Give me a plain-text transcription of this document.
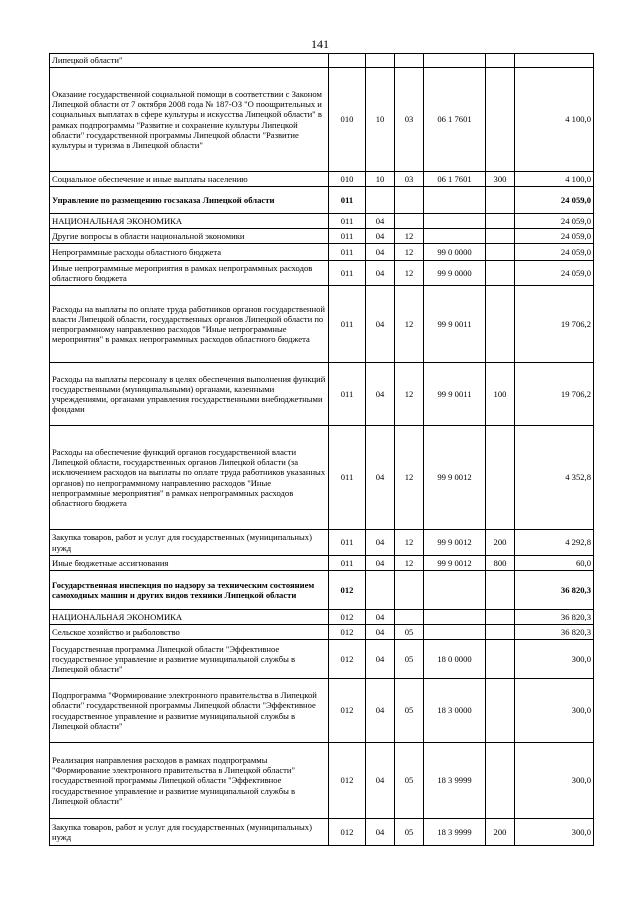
141
Липецкой области"						
Оказание государственной социальной помощи в соответствии с Законом Липецкой области от 7 октября 2008 года № 187-ОЗ "О поощрительных и социальных выплатах в сфере культуры и искусства Липецкой области" в рамках подпрограммы "Развитие и сохранение культуры Липецкой области" государственной программы Липецкой области "Развитие культуры и туризма в Липецкой области"	010	10	03	06 1 7601		4 100,0
Социальное обеспечение и иные выплаты населению	010	10	03	06 1 7601	300	4 100,0
Управление по размещению госзаказа Липецкой области	011					24 059,0
НАЦИОНАЛЬНАЯ ЭКОНОМИКА	011	04				24 059,0
Другие вопросы в области национальной экономики	011	04	12			24 059,0
Непрограммные расходы областного бюджета	011	04	12	99 0 0000		24 059,0
Иные непрограммные мероприятия в рамках непрограммных расходов областного бюджета	011	04	12	99 9 0000		24 059,0
Расходы на выплаты по оплате труда работников органов государственной власти Липецкой области, государственных органов Липецкой области по непрограммному направлению расходов "Иные непрограммные мероприятия" в рамках непрограммных расходов областного бюджета	011	04	12	99 9 0011		19 706,2
Расходы на выплаты персоналу в целях обеспечения выполнения функций государственными (муниципальными) органами, казенными учреждениями, органами управления государственными внебюджетными фондами	011	04	12	99 9 0011	100	19 706,2
Расходы на обеспечение функций органов государственной власти Липецкой области, государственных органов Липецкой области (за исключением расходов на выплаты по оплате труда работников указанных органов) по непрограммному направлению расходов "Иные непрограммные мероприятия" в рамках непрограммных расходов областного бюджета	011	04	12	99 9 0012		4 352,8
Закупка товаров, работ и услуг для государственных (муниципальных) нужд	011	04	12	99 9 0012	200	4 292,8
Иные бюджетные ассигнования	011	04	12	99 9 0012	800	60,0
Государственная инспекция по надзору за техническим состоянием самоходных машин и других видов техники Липецкой области	012					36 820,3
НАЦИОНАЛЬНАЯ ЭКОНОМИКА	012	04				36 820,3
Сельское хозяйство и рыболовство	012	04	05			36 820,3
Государственная программа Липецкой области "Эффективное государственное управление и развитие муниципальной службы в Липецкой области"	012	04	05	18 0 0000		300,0
Подпрограмма "Формирование электронного правительства в Липецкой области" государственной программы Липецкой области "Эффективное государственное управление и развитие муниципальной службы в Липецкой области"	012	04	05	18 3 0000		300,0
Реализация направления расходов в рамках подпрограммы "Формирование электронного правительства в Липецкой области" государственной программы Липецкой области "Эффективное государственное управление и развитие муниципальной службы в Липецкой области"	012	04	05	18 3 9999		300,0
Закупка товаров, работ и услуг для государственных (муниципальных) нужд	012	04	05	18 3 9999	200	300,0
